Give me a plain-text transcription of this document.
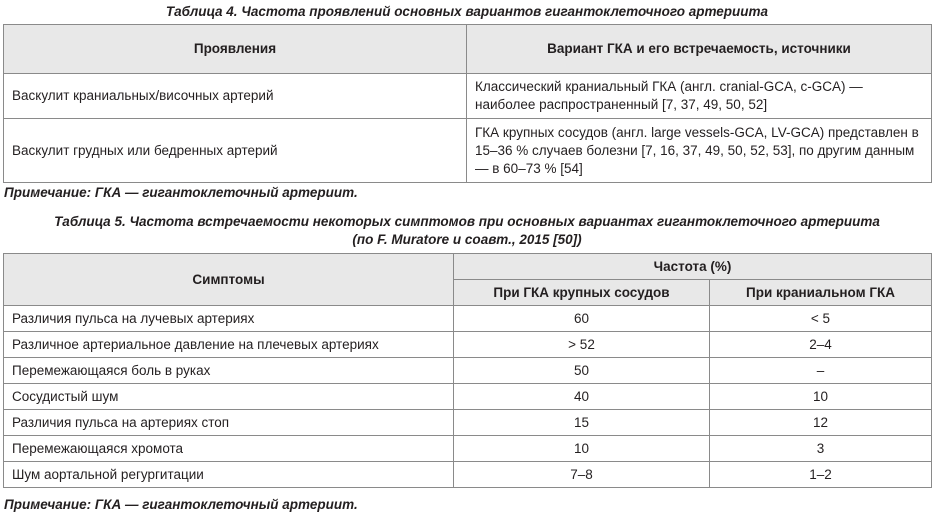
Таблица 4. Частота проявлений основных вариантов гигантоклеточного артериита
Проявления	Вариант ГКА и его встречаемость, источники
Васкулит краниальных/височных артерий	Классический краниальный ГКА (англ. cranial-GCA, c-GCA) — наиболее распространенный [7, 37, 49, 50, 52]
Васкулит грудных или бедренных артерий	ГКА крупных сосудов (англ. large vessels-GCA, LV-GCA) представлен в 15–36 % случаев болезни [7, 16, 37, 49, 50, 52, 53], по другим данным — в 60–73 % [54]
Примечание: ГКА — гигантоклеточный артериит.
Таблица 5. Частота встречаемости некоторых симптомов при основных вариантах гигантоклеточного артериита
(по F. Muratore и соавт., 2015 [50])
Симптомы	Частота (%)	
	При ГКА крупных сосудов	При краниальном ГКА
Различия пульса на лучевых артериях	60	< 5
Различное артериальное давление на плечевых артериях	> 52	2–4
Перемежающаяся боль в руках	50	–
Сосудистый шум	40	10
Различия пульса на артериях стоп	15	12
Перемежающаяся хромота	10	3
Шум аортальной регургитации	7–8	1–2
Примечание: ГКА — гигантоклеточный артериит.
